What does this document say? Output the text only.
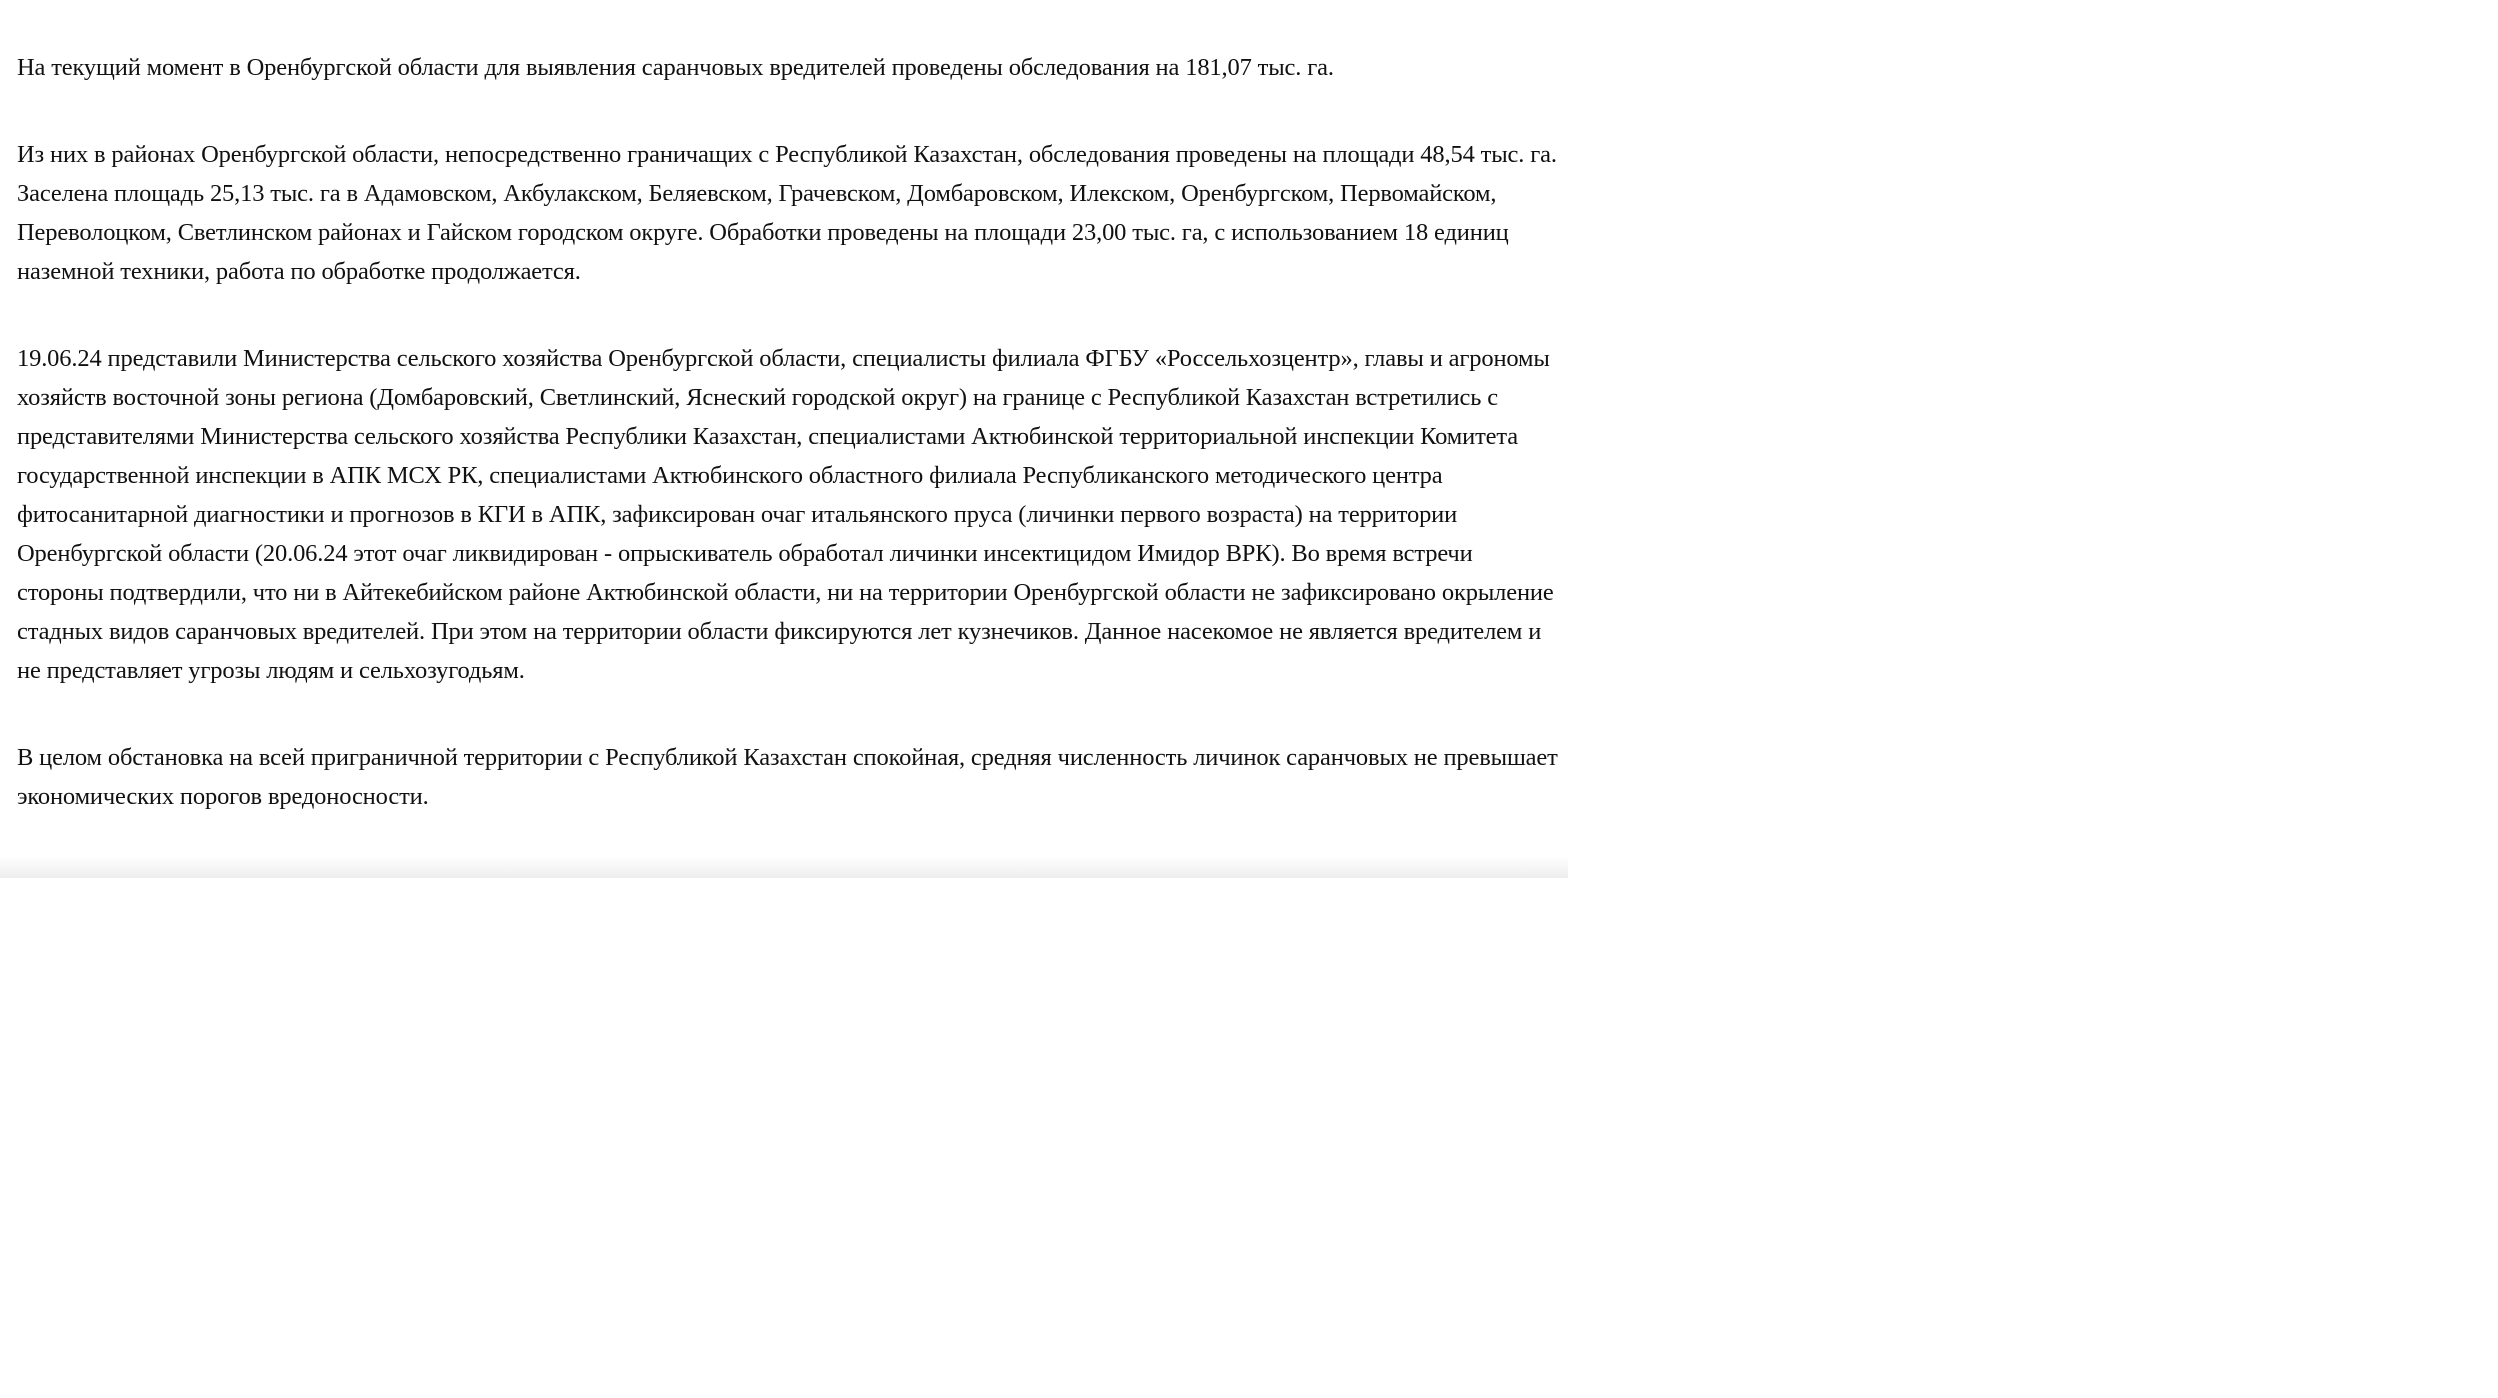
На текущий момент в Оренбургской области для выявления саранчовых вредителей проведены обследования на 181,07 тыс. га.

Из них в районах Оренбургской области, непосредственно граничащих с Республикой Казахстан, обследования проведены на площади 48,54 тыс. га. Заселена площадь 25,13 тыс. га в Адамовском, Акбулакском, Беляевском, Грачевском, Домбаровском, Илекском, Оренбургском, Первомайском, Переволоцком, Светлинском районах и Гайском городском округе. Обработки проведены на площади 23,00 тыс. га, с использованием 18 единиц наземной техники, работа по обработке продолжается.

19.06.24 представили Министерства сельского хозяйства Оренбургской области, специалисты филиала ФГБУ «Россельхозцентр», главы и агрономы хозяйств восточной зоны региона (Домбаровский, Светлинский, Яснеский городской округ) на границе с Республикой Казахстан встретились с представителями Министерства сельского хозяйства Республики Казахстан, специалистами Актюбинской территориальной инспекции Комитета государственной инспекции в АПК МСХ РК, специалистами Актюбинского областного филиала Республиканского методического центра фитосанитарной диагностики и прогнозов в КГИ в АПК, зафиксирован очаг итальянского пруса (личинки первого возраста) на территории Оренбургской области (20.06.24 этот очаг ликвидирован - опрыскиватель обработал личинки инсектицидом Имидор ВРК). Во время встречи стороны подтвердили, что ни в Айтекебийском районе Актюбинской области, ни на территории Оренбургской области не зафиксировано окрыление стадных видов саранчовых вредителей. При этом на территории области фиксируются лет кузнечиков. Данное насекомое не является вредителем и не представляет угрозы людям и сельхозугодьям.

В целом обстановка на всей приграничной территории с Республикой Казахстан спокойная, средняя численность личинок саранчовых не превышает экономических порогов вредоносности.
